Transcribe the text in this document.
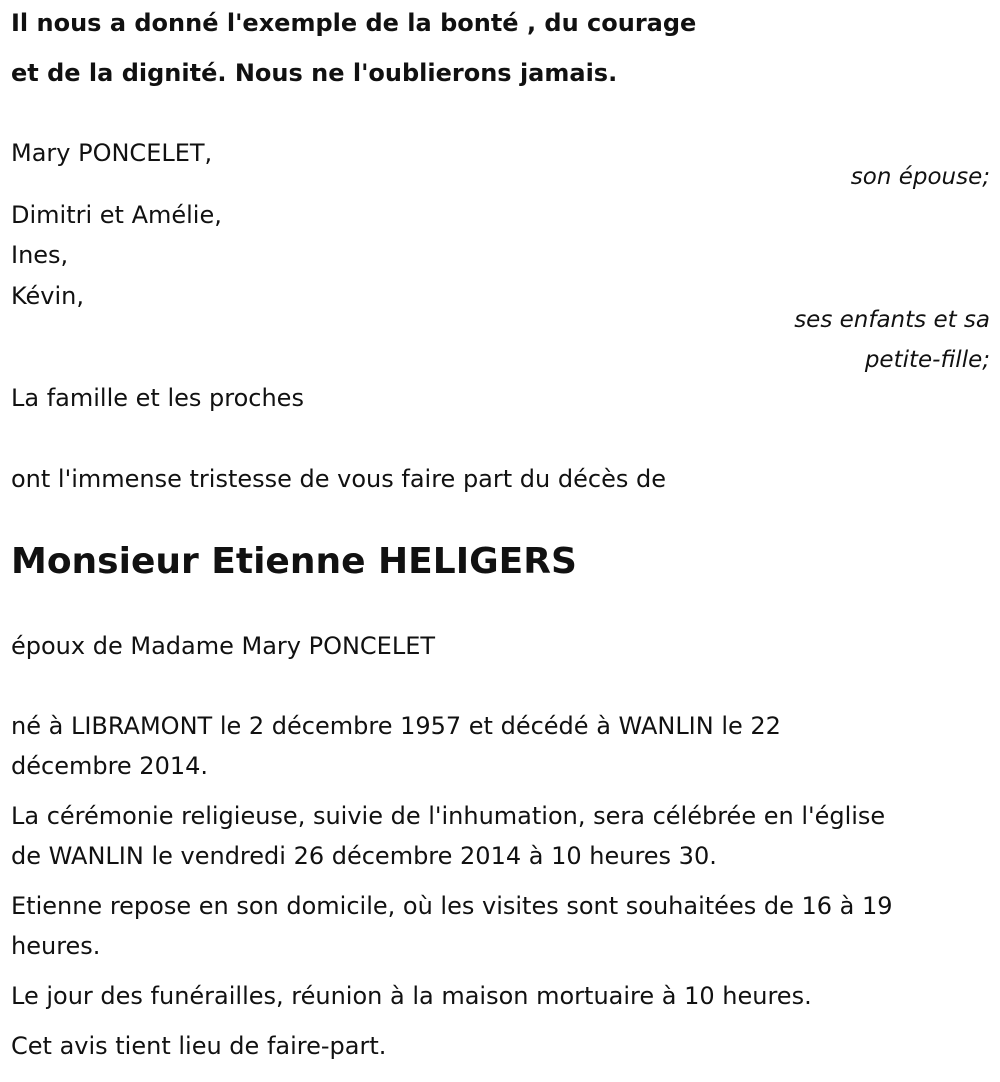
Il nous a donné l'exemple de la bonté , du courage

et de la dignité. Nous ne l'oublierons jamais.

Mary PONCELET,

son épouse;

Dimitri et Amélie,

Ines,

Kévin,

ses enfants et sa

petite-fille;

La famille et les proches

ont l'immense tristesse de vous faire part du décès de

Monsieur Etienne HELIGERS

époux de Madame Mary PONCELET

né à LIBRAMONT le 2 décembre 1957 et décédé à WANLIN le 22

décembre 2014.

La cérémonie religieuse, suivie de l'inhumation, sera célébrée en l'église

de WANLIN le vendredi 26 décembre 2014 à 10 heures 30.

Etienne repose en son domicile, où les visites sont souhaitées de 16 à 19

heures.

Le jour des funérailles, réunion à la maison mortuaire à 10 heures.

Cet avis tient lieu de faire-part.
